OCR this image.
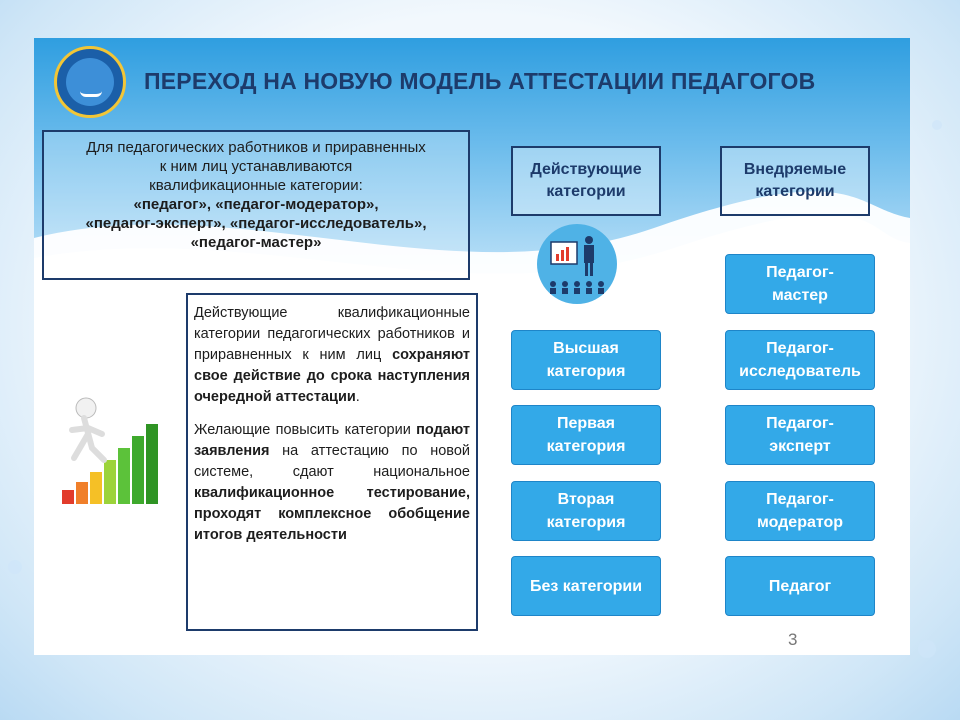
ПЕРЕХОД НА НОВУЮ МОДЕЛЬ АТТЕСТАЦИИ ПЕДАГОГОВ
Для педагогических работников и приравненных
к ним лиц устанавливаются
квалификационные категории:
«педагог», «педагог-модератор»,
«педагог-эксперт», «педагог-исследователь»,
«педагог-мастер»
Действующие
категории
Внедряемые
категории
Высшая
категория
Первая
категория
Вторая
категория
Без категории
Педагог-
мастер
Педагог-
исследователь
Педагог-
эксперт
Педагог-
модератор
Педагог

Действующие квалификационные категории педагогических работников и приравненных к ним лиц сохраняют свое действие до срока наступления очередной аттестации.

Желающие повысить категории подают заявления на аттестацию по новой системе, сдают национальное квалификационное тестирование, проходят комплексное обобщение итогов деятельности

3
